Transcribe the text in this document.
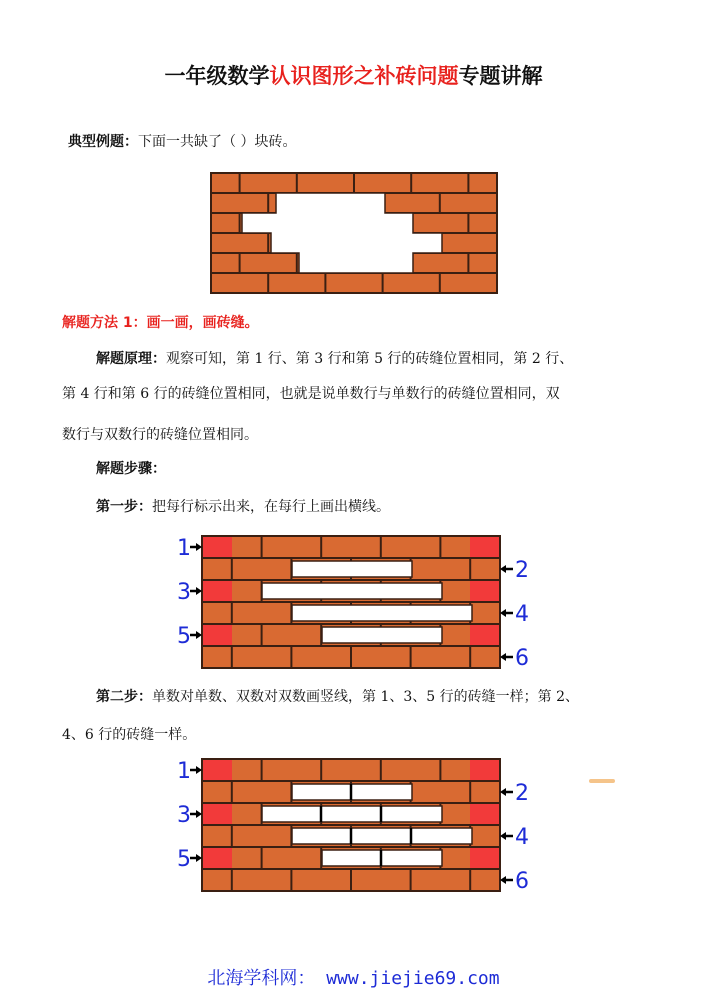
一年级数学认识图形之补砖问题专题讲解
典型例题：下面一共缺了（ ）块砖。
解题方法 1：画一画，画砖缝。
解题原理：观察可知，第 1 行、第 3 行和第 5 行的砖缝位置相同，第 2 行、
第 4 行和第 6 行的砖缝位置相同，也就是说单数行与单数行的砖缝位置相同，双
数行与双数行的砖缝位置相同。
解题步骤：
第一步：把每行标示出来，在每行上画出横线。
1
2
3
4
5
6
第二步：单数对单数、双数对双数画竖线，第 1、3、5 行的砖缝一样；第 2、
4、6 行的砖缝一样。
1
2
3
4
5
6
北海学科网： www.jiejie69.com
